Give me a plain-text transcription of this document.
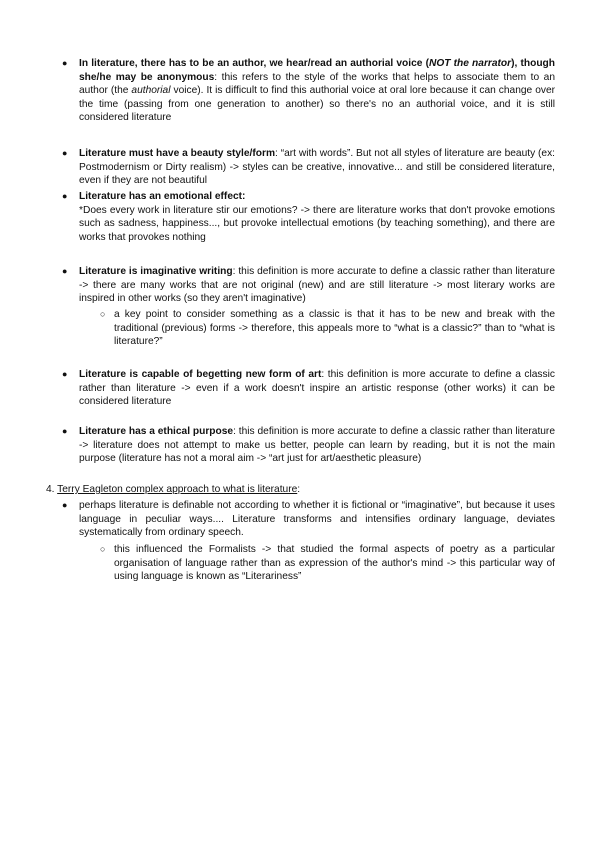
● In literature, there has to be an author, we hear/read an authorial voice (NOT the narrator), though she/he may be anonymous: this refers to the style of the works that helps to associate them to an author (the authorial voice). It is difficult to find this authorial voice at oral lore because it can change over the time (passing from one generation to another) so there's no an authorial voice, and it is still considered literature
● Literature must have a beauty style/form: “art with words”. But not all styles of literature are beauty (ex: Postmodernism or Dirty realism) -> styles can be creative, innovative... and still be considered literature, even if they are not beautiful
● Literature has an emotional effect:
*Does every work in literature stir our emotions? -> there are literature works that don't provoke emotions such as sadness, happiness..., but provoke intellectual emotions (by teaching something), and there are works that provokes nothing
● Literature is imaginative writing: this definition is more accurate to define a classic rather than literature -> there are many works that are not original (new) and are still literature -> most literary works are inspired in other works (so they aren't imaginative)
○ a key point to consider something as a classic is that it has to be new and break with the traditional (previous) forms -> therefore, this appeals more to “what is a classic?” than to “what is literature?”
● Literature is capable of begetting new form of art: this definition is more accurate to define a classic rather than literature -> even if a work doesn't inspire an artistic response (other works) it can be considered literature
● Literature has a ethical purpose: this definition is more accurate to define a classic rather than literature -> literature does not attempt to make us better, people can learn by reading, but it is not the main purpose (literature has not a moral aim -> “art just for art/aesthetic pleasure)
4. Terry Eagleton complex approach to what is literature:
● perhaps literature is definable not according to whether it is fictional or “imaginative”, but because it uses language in peculiar ways.... Literature transforms and intensifies ordinary language, deviates systematically from ordinary speech.
○ this influenced the Formalists -> that studied the formal aspects of poetry as a particular organisation of language rather than as expression of the author's mind -> this particular way of using language is known as “Literariness”
